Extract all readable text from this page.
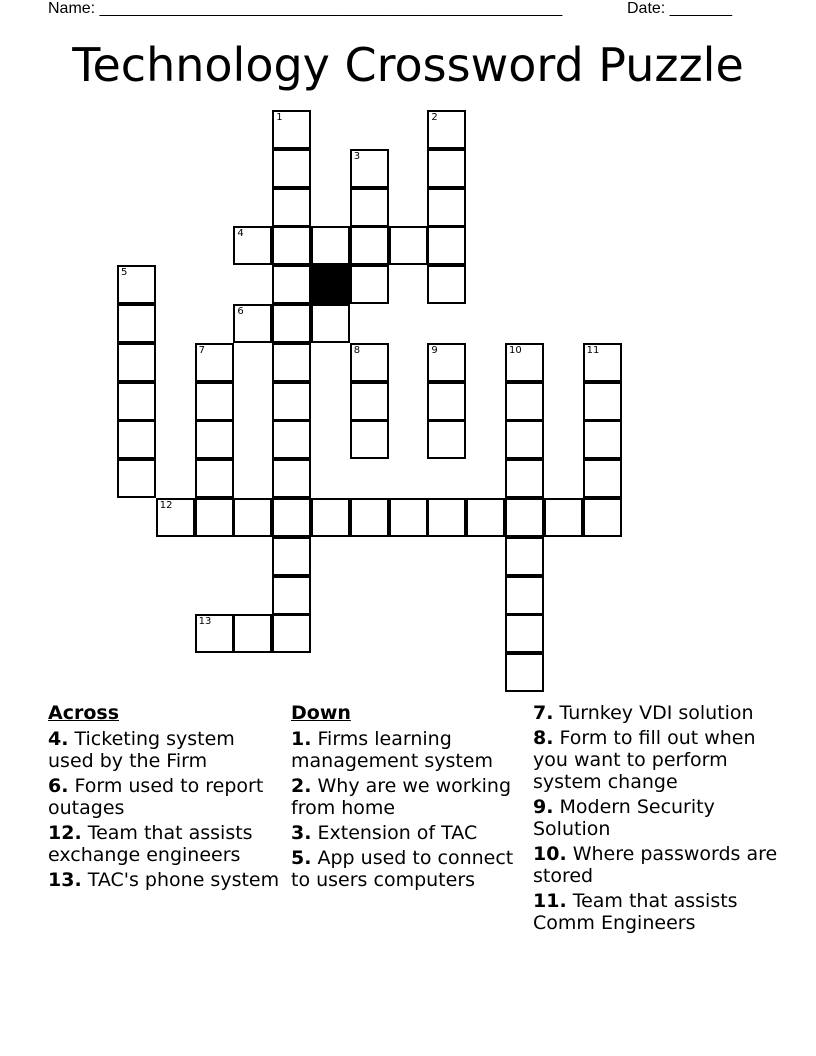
Name: ____________________________________________________	Date: _______
Technology Crossword Puzzle
1	2
3
4
5
6
7	8	9	10	11
12
13
Across
4. Ticketing system used by the Firm
6. Form used to report outages
12. Team that assists exchange engineers
13. TAC's phone system
Down
1. Firms learning management system
2. Why are we working from home
3. Extension of TAC
5. App used to connect to users computers
7. Turnkey VDI solution
8. Form to fill out when you want to perform system change
9. Modern Security Solution
10. Where passwords are stored
11. Team that assists Comm Engineers
